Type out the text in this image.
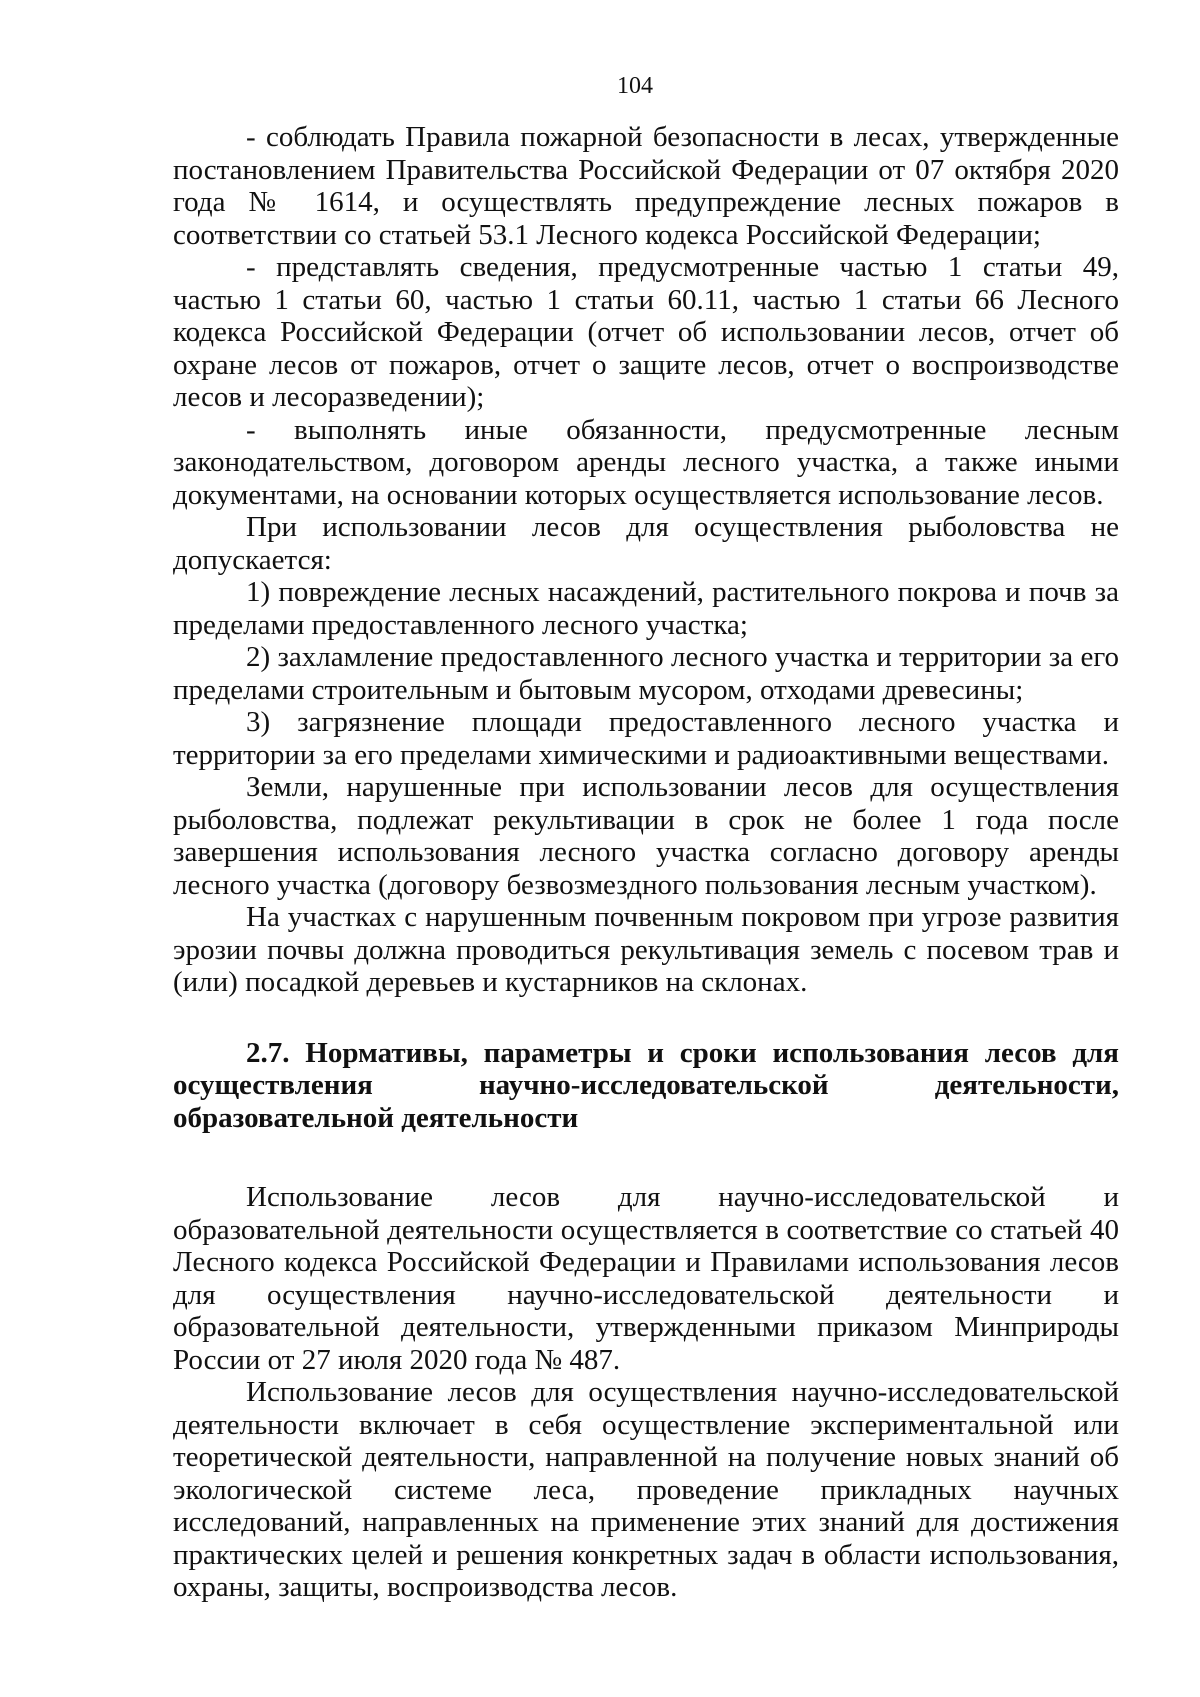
104

- соблюдать Правила пожарной безопасности в лесах, утвержденные постановлением Правительства Российской Федерации от 07 октября 2020 года № 1614, и осуществлять предупреждение лесных пожаров в соответствии со статьей 53.1 Лесного кодекса Российской Федерации;

- представлять сведения, предусмотренные частью 1 статьи 49, частью 1 статьи 60, частью 1 статьи 60.11, частью 1 статьи 66 Лесного кодекса Российской Федерации (отчет об использовании лесов, отчет об охране лесов от пожаров, отчет о защите лесов, отчет о воспроизводстве лесов и лесоразведении);

- выполнять иные обязанности, предусмотренные лесным законодательством, договором аренды лесного участка, а также иными документами, на основании которых осуществляется использование лесов.

При использовании лесов для осуществления рыболовства не допускается:

1) повреждение лесных насаждений, растительного покрова и почв за пределами предоставленного лесного участка;

2) захламление предоставленного лесного участка и территории за его пределами строительным и бытовым мусором, отходами древесины;

3) загрязнение площади предоставленного лесного участка и территории за его пределами химическими и радиоактивными веществами.

Земли, нарушенные при использовании лесов для осуществления рыболовства, подлежат рекультивации в срок не более 1 года после завершения использования лесного участка согласно договору аренды лесного участка (договору безвозмездного пользования лесным участком).

На участках с нарушенным почвенным покровом при угрозе развития эрозии почвы должна проводиться рекультивация земель с посевом трав и (или) посадкой деревьев и кустарников на склонах.

2.7. Нормативы, параметры и сроки использования лесов для осуществления научно-исследовательской деятельности, образовательной деятельности

Использование лесов для научно-исследовательской и образовательной деятельности осуществляется в соответствие со статьей 40 Лесного кодекса Российской Федерации и Правилами использования лесов для осуществления научно-исследовательской деятельности и образовательной деятельности, утвержденными приказом Минприроды России от 27 июля 2020 года № 487.

Использование лесов для осуществления научно-исследовательской деятельности включает в себя осуществление экспериментальной или теоретической деятельности, направленной на получение новых знаний об экологической системе леса, проведение прикладных научных исследований, направленных на применение этих знаний для достижения практических целей и решения конкретных задач в области использования, охраны, защиты, воспроизводства лесов.
